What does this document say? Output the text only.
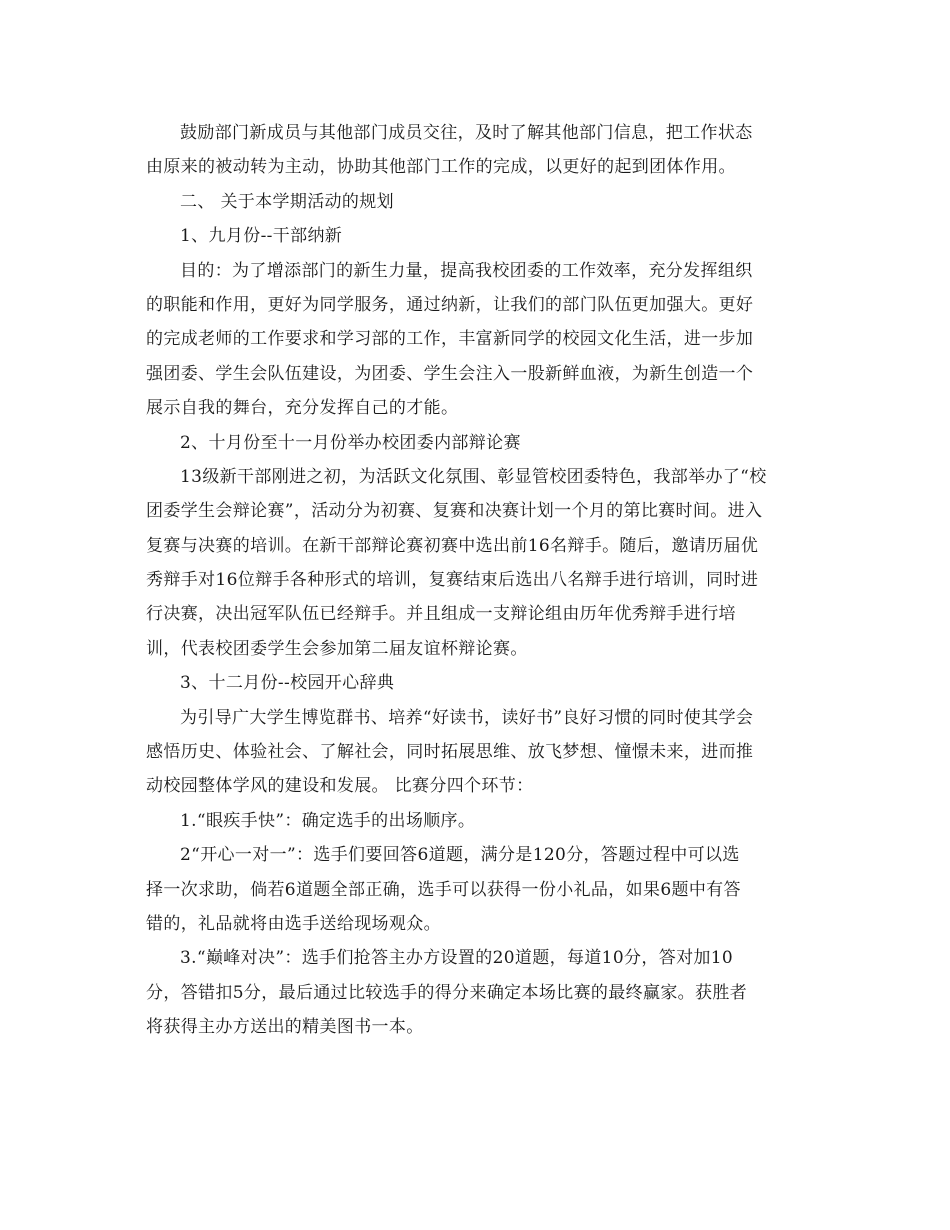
鼓励部门新成员与其他部门成员交往，及时了解其他部门信息，把工作状态
由原来的被动转为主动，协助其他部门工作的完成，以更好的起到团体作用。
二、 关于本学期活动的规划
1、九月份--干部纳新
目的：为了增添部门的新生力量，提高我校团委的工作效率，充分发挥组织
的职能和作用，更好为同学服务，通过纳新，让我们的部门队伍更加强大。更好
的完成老师的工作要求和学习部的工作，丰富新同学的校园文化生活，进一步加
强团委、学生会队伍建设，为团委、学生会注入一股新鲜血液，为新生创造一个
展示自我的舞台，充分发挥自己的才能。
2、十月份至十一月份举办校团委内部辩论赛
13级新干部刚进之初，为活跃文化氛围、彰显管校团委特色，我部举办了“校
团委学生会辩论赛”，活动分为初赛、复赛和决赛计划一个月的第比赛时间。进入
复赛与决赛的培训。在新干部辩论赛初赛中选出前16名辩手。随后，邀请历届优
秀辩手对16位辩手各种形式的培训，复赛结束后选出八名辩手进行培训，同时进
行决赛，决出冠军队伍已经辩手。并且组成一支辩论组由历年优秀辩手进行培
训，代表校团委学生会参加第二届友谊杯辩论赛。
3、十二月份--校园开心辞典
为引导广大学生博览群书、培养“好读书，读好书”良好习惯的同时使其学会
感悟历史、体验社会、了解社会，同时拓展思维、放飞梦想、憧憬未来，进而推
动校园整体学风的建设和发展。 比赛分四个环节：
1.“眼疾手快”：确定选手的出场顺序。
2“开心一对一”：选手们要回答6道题，满分是120分，答题过程中可以选
择一次求助，倘若6道题全部正确，选手可以获得一份小礼品，如果6题中有答
错的，礼品就将由选手送给现场观众。
3.“巅峰对决”：选手们抢答主办方设置的20道题，每道10分，答对加10
分，答错扣5分，最后通过比较选手的得分来确定本场比赛的最终赢家。获胜者
将获得主办方送出的精美图书一本。
